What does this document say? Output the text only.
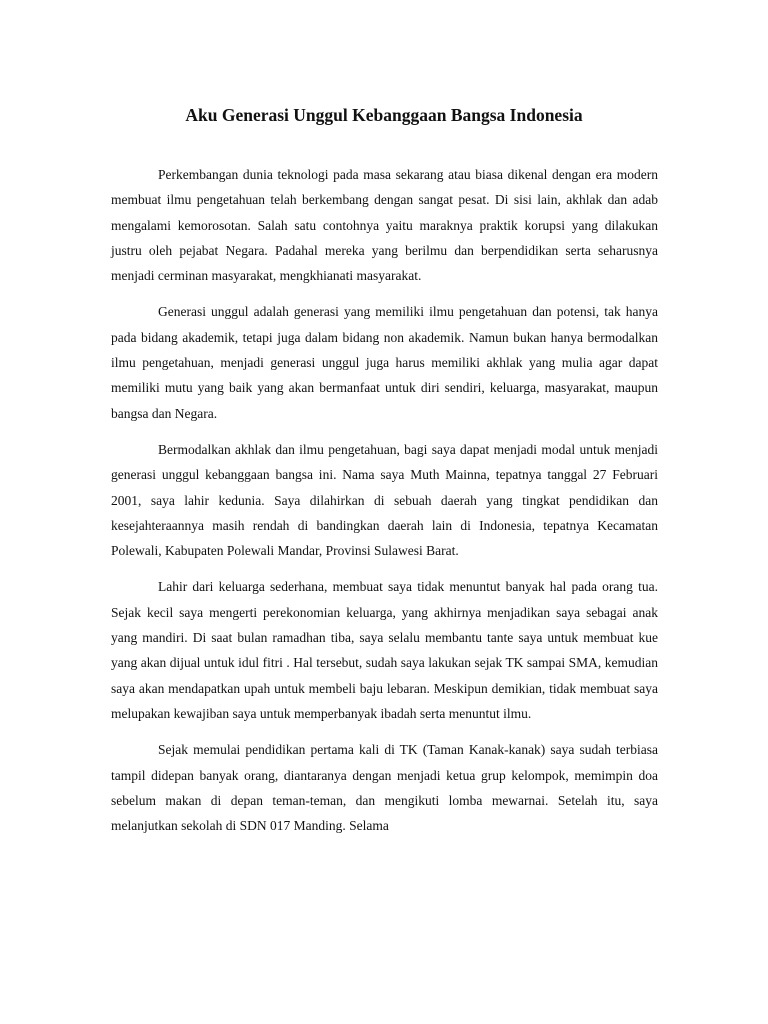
Aku Generasi Unggul Kebanggaan Bangsa Indonesia

Perkembangan dunia teknologi pada masa sekarang atau biasa dikenal dengan era modern membuat ilmu pengetahuan telah berkembang dengan sangat pesat. Di sisi lain, akhlak dan adab mengalami kemorosotan. Salah satu contohnya yaitu maraknya praktik korupsi yang dilakukan justru oleh pejabat Negara. Padahal mereka yang berilmu dan berpendidikan serta seharusnya menjadi cerminan masyarakat, mengkhianati masyarakat.

Generasi unggul adalah generasi yang memiliki ilmu pengetahuan dan potensi, tak hanya pada bidang akademik, tetapi juga dalam bidang non akademik. Namun bukan hanya bermodalkan ilmu pengetahuan, menjadi generasi unggul juga harus memiliki akhlak yang mulia agar dapat memiliki mutu yang baik yang akan bermanfaat untuk diri sendiri, keluarga, masyarakat, maupun bangsa dan Negara.

Bermodalkan akhlak dan ilmu pengetahuan, bagi saya dapat menjadi modal untuk menjadi generasi unggul kebanggaan bangsa ini. Nama saya Muth Mainna, tepatnya tanggal 27 Februari 2001, saya lahir kedunia. Saya dilahirkan di sebuah daerah yang tingkat pendidikan dan kesejahteraannya masih rendah di bandingkan daerah lain di Indonesia, tepatnya Kecamatan Polewali, Kabupaten Polewali Mandar, Provinsi Sulawesi Barat.

Lahir dari keluarga sederhana, membuat saya tidak menuntut banyak hal pada orang tua. Sejak kecil saya mengerti perekonomian keluarga, yang akhirnya menjadikan saya sebagai anak yang mandiri. Di saat bulan ramadhan tiba, saya selalu membantu tante saya untuk membuat kue yang akan dijual untuk idul fitri . Hal tersebut, sudah saya lakukan sejak TK sampai SMA, kemudian saya akan mendapatkan upah untuk membeli baju lebaran. Meskipun demikian, tidak membuat saya melupakan kewajiban saya untuk memperbanyak ibadah serta menuntut ilmu.

Sejak memulai pendidikan pertama kali di TK (Taman Kanak-kanak) saya sudah terbiasa tampil didepan banyak orang, diantaranya dengan menjadi ketua grup kelompok, memimpin doa sebelum makan di depan teman-teman, dan mengikuti lomba mewarnai. Setelah itu, saya melanjutkan sekolah di SDN 017 Manding. Selama
